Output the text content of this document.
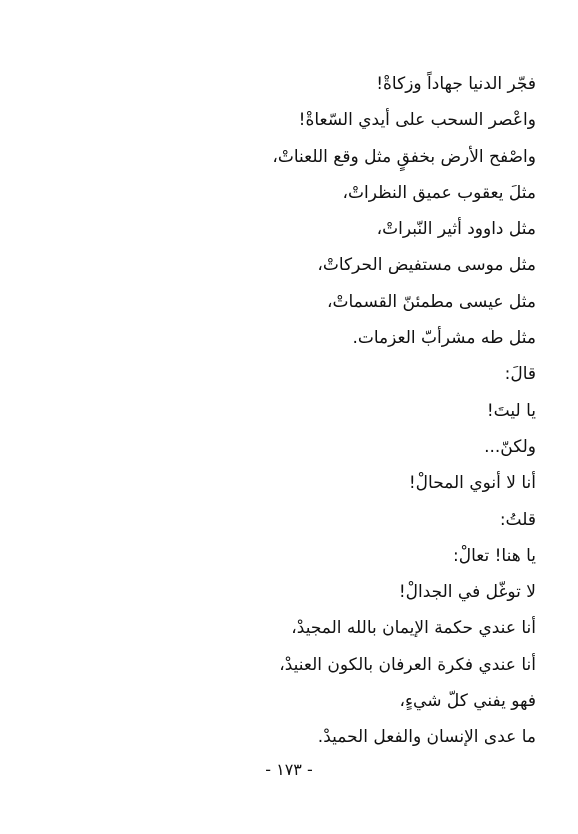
فجّر الدنيا جهاداً وزكاةْ!
واعْصر السحب على أيدي السّعاةْ!
واصْفح الأرض بخفقٍ مثل وقع اللعناتْ،
مثلَ يعقوب عميق النظراتْ،
مثل داوود أثير النّبراتْ،
مثل موسى مستفيض الحركاتْ،
مثل عيسى مطمئنّ القسماتْ،
مثل طه مشرأبّ العزمات.
قالَ:
يا ليتَ!
ولكنّ...
أنا لا أنوي المحالْ!
قلتُ:
يا هنا! تعالْ:
لا توغّل في الجدالْ!
أنا عندي حكمة الإيمان بالله المجيدْ،
أنا عندي فكرة العرفان بالكون العنيدْ،
فهو يفني كلّ شيءٍ،
ما عدى الإنسان والفعل الحميدْ.
- ١٧٣ -
